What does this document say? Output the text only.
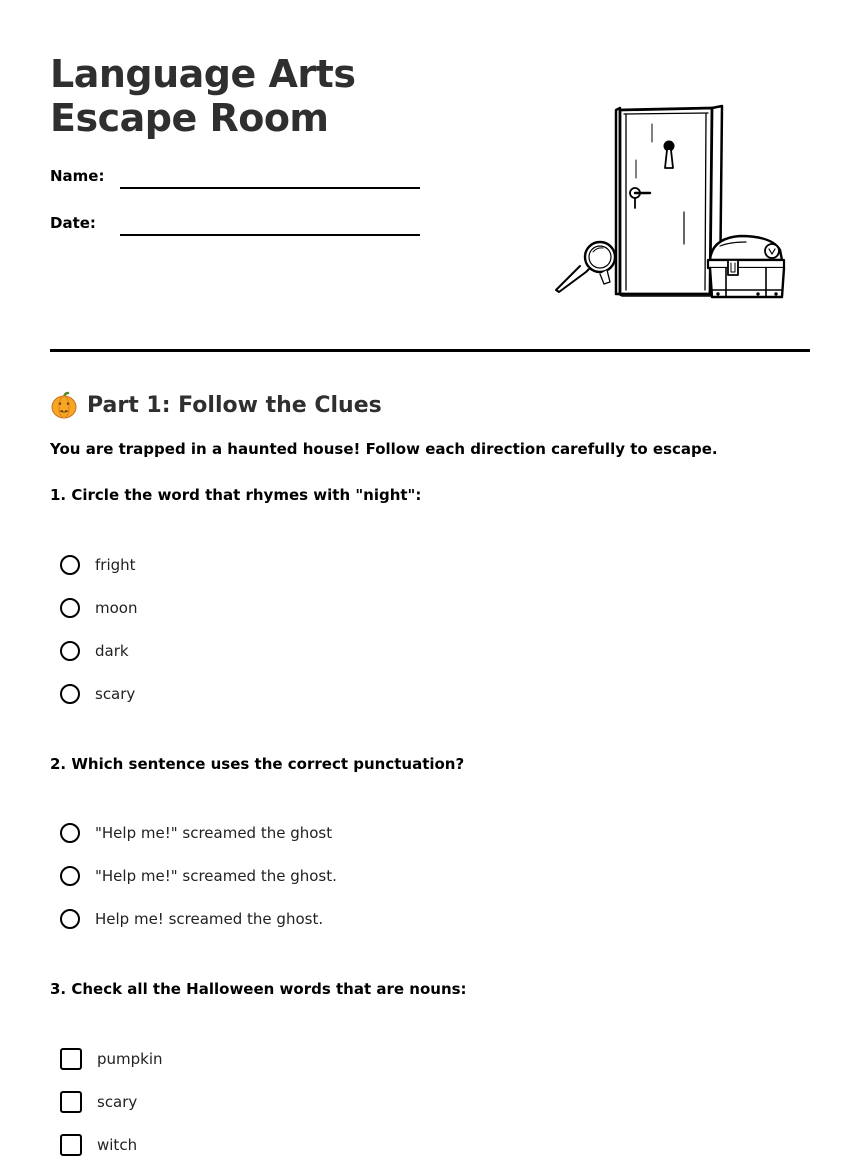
Language Arts Escape Room
Name:
Date:
Part 1: Follow the Clues
You are trapped in a haunted house! Follow each direction carefully to escape.
1. Circle the word that rhymes with "night":
fright
moon
dark
scary
2. Which sentence uses the correct punctuation?
"Help me!" screamed the ghost
"Help me!" screamed the ghost.
Help me! screamed the ghost.
3. Check all the Halloween words that are nouns:
pumpkin
scary
witch
